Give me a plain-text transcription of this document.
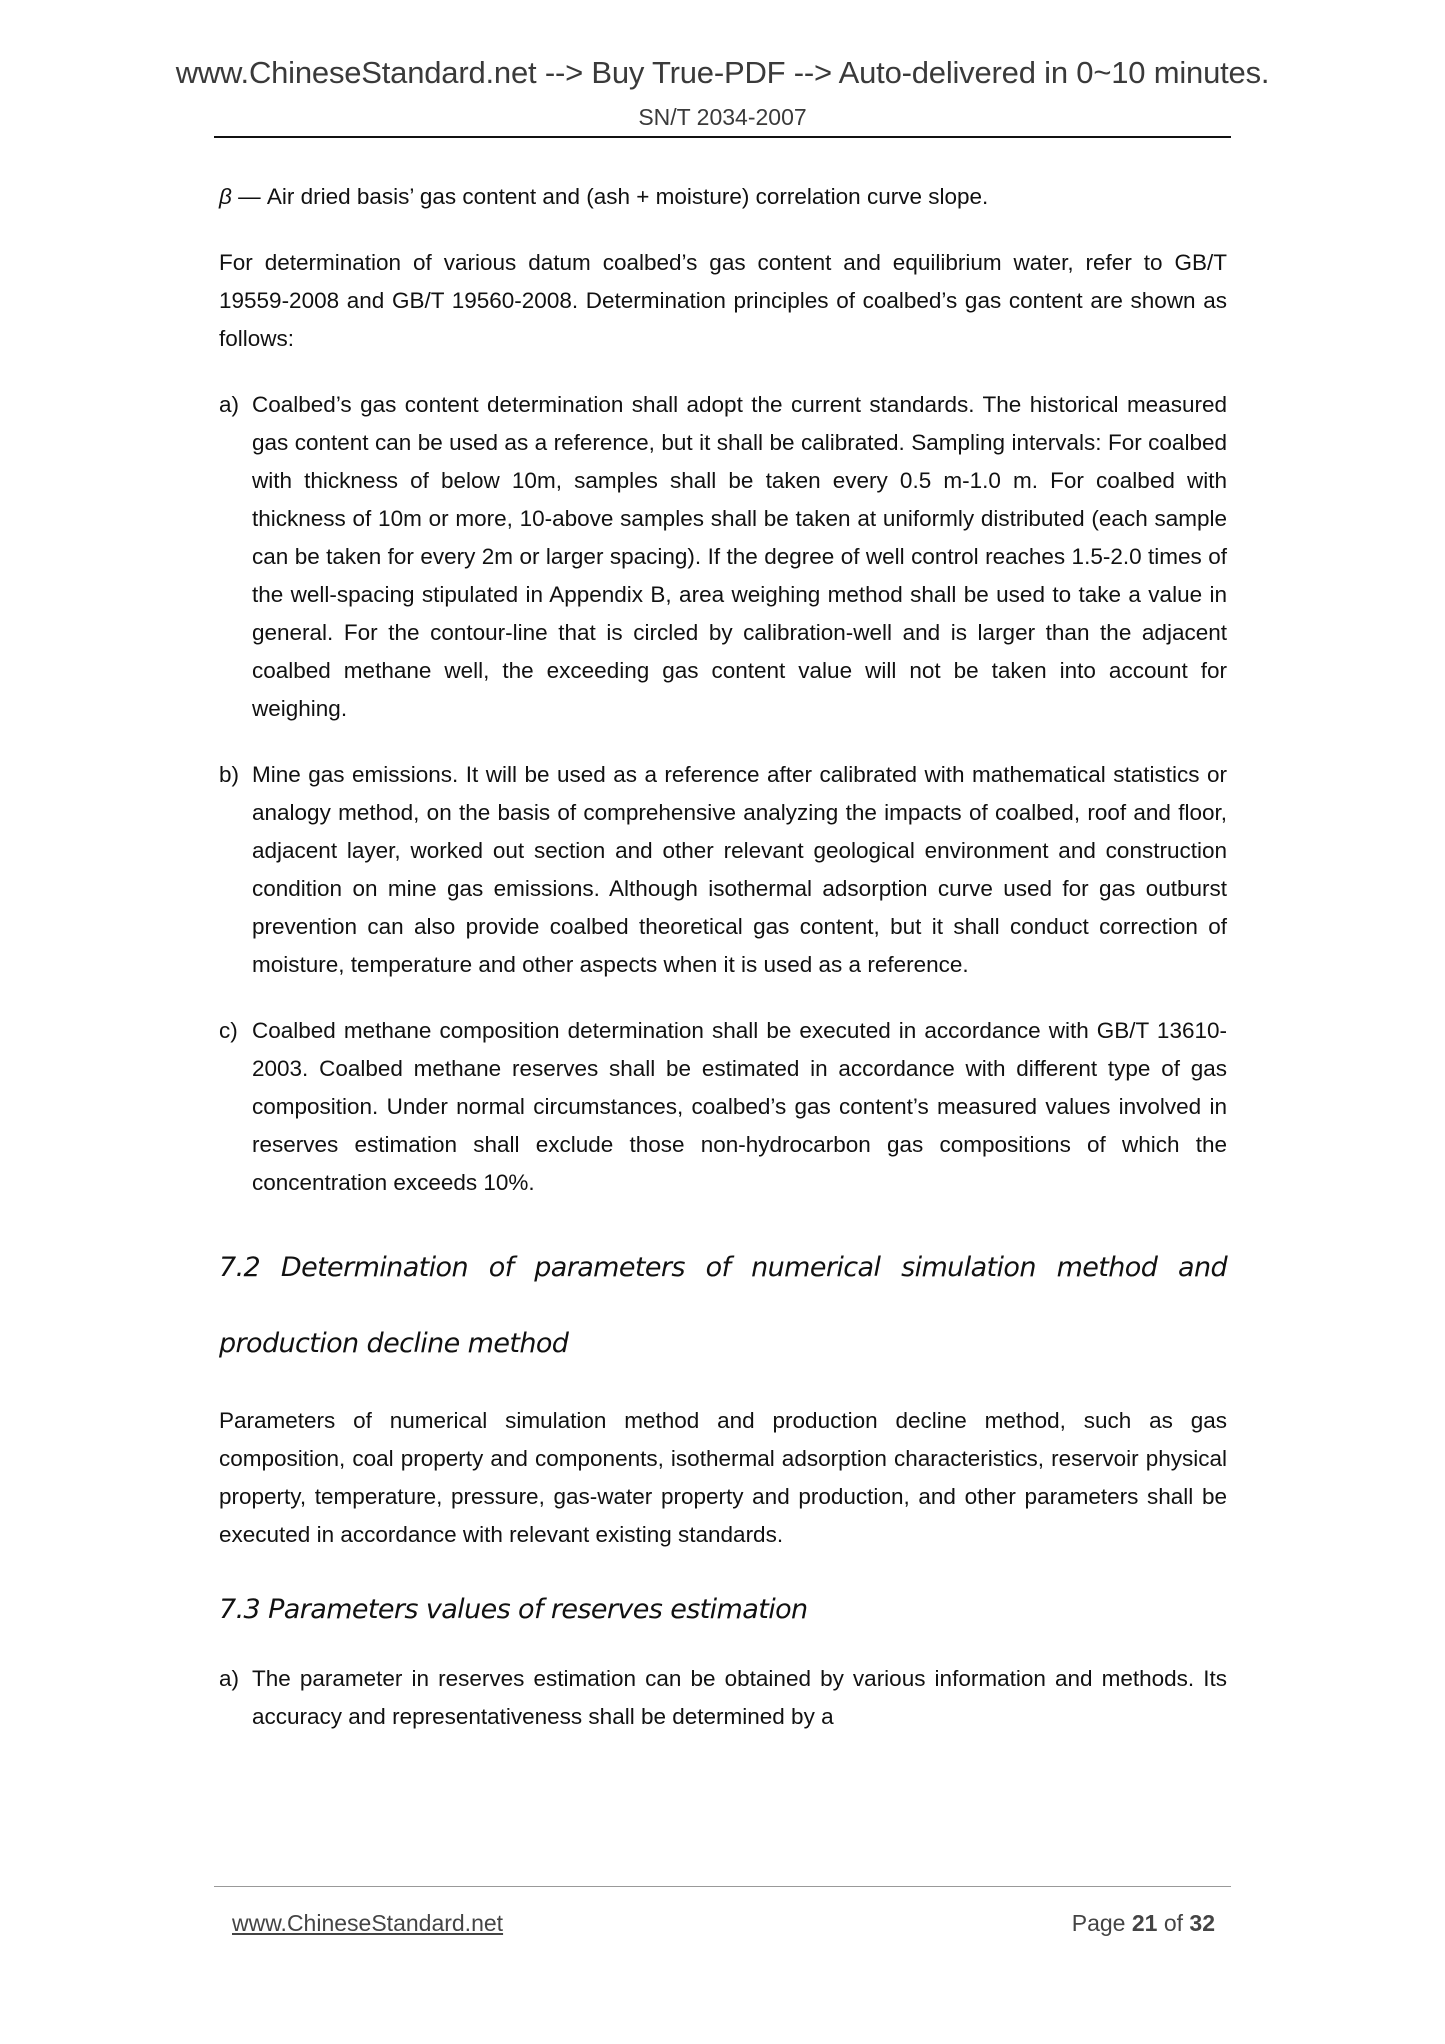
www.ChineseStandard.net --> Buy True-PDF --> Auto-delivered in 0~10 minutes.
SN/T 2034-2007

β — Air dried basis’ gas content and (ash + moisture) correlation curve slope.

For determination of various datum coalbed’s gas content and equilibrium water, refer to GB/T 19559-2008 and GB/T 19560-2008. Determination principles of coalbed’s gas content are shown as follows:

a) Coalbed’s gas content determination shall adopt the current standards. The historical measured gas content can be used as a reference, but it shall be calibrated. Sampling intervals: For coalbed with thickness of below 10m, samples shall be taken every 0.5 m-1.0 m. For coalbed with thickness of 10m or more, 10-above samples shall be taken at uniformly distributed (each sample can be taken for every 2m or larger spacing). If the degree of well control reaches 1.5-2.0 times of the well-spacing stipulated in Appendix B, area weighing method shall be used to take a value in general. For the contour-line that is circled by calibration-well and is larger than the adjacent coalbed methane well, the exceeding gas content value will not be taken into account for weighing.

b) Mine gas emissions. It will be used as a reference after calibrated with mathematical statistics or analogy method, on the basis of comprehensive analyzing the impacts of coalbed, roof and floor, adjacent layer, worked out section and other relevant geological environment and construction condition on mine gas emissions. Although isothermal adsorption curve used for gas outburst prevention can also provide coalbed theoretical gas content, but it shall conduct correction of moisture, temperature and other aspects when it is used as a reference.

c) Coalbed methane composition determination shall be executed in accordance with GB/T 13610-2003. Coalbed methane reserves shall be estimated in accordance with different type of gas composition. Under normal circumstances, coalbed’s gas content’s measured values involved in reserves estimation shall exclude those non-hydrocarbon gas compositions of which the concentration exceeds 10%.

7.2 Determination of parameters of numerical simulation method and production decline method

Parameters of numerical simulation method and production decline method, such as gas composition, coal property and components, isothermal adsorption characteristics, reservoir physical property, temperature, pressure, gas-water property and production, and other parameters shall be executed in accordance with relevant existing standards.

7.3 Parameters values of reserves estimation
a) The parameter in reserves estimation can be obtained by various information and methods. Its accuracy and representativeness shall be determined by a

www.ChineseStandard.net	Page 21 of 32
